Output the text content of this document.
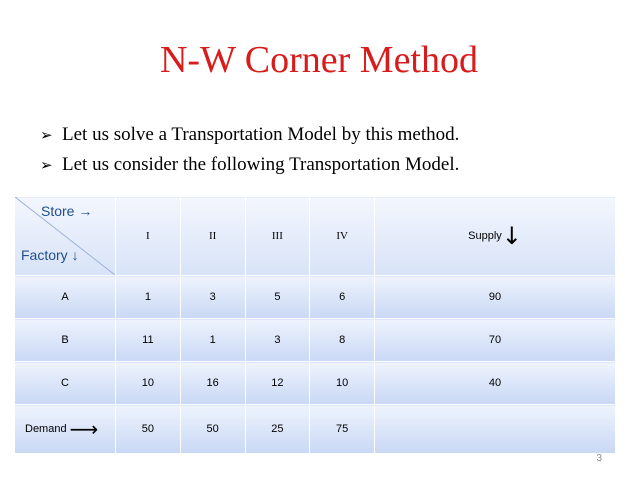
N-W Corner Method
➢ Let us solve a Transportation Model by this method.
➢ Let us consider the following Transportation Model.
Store →
Factory ↓	I	II	III	IV	Supply↓
A	1	3	5	6	90
B	11	1	3	8	70
C	10	16	12	10	40
Demand ⟶	50	50	25	75	
3
